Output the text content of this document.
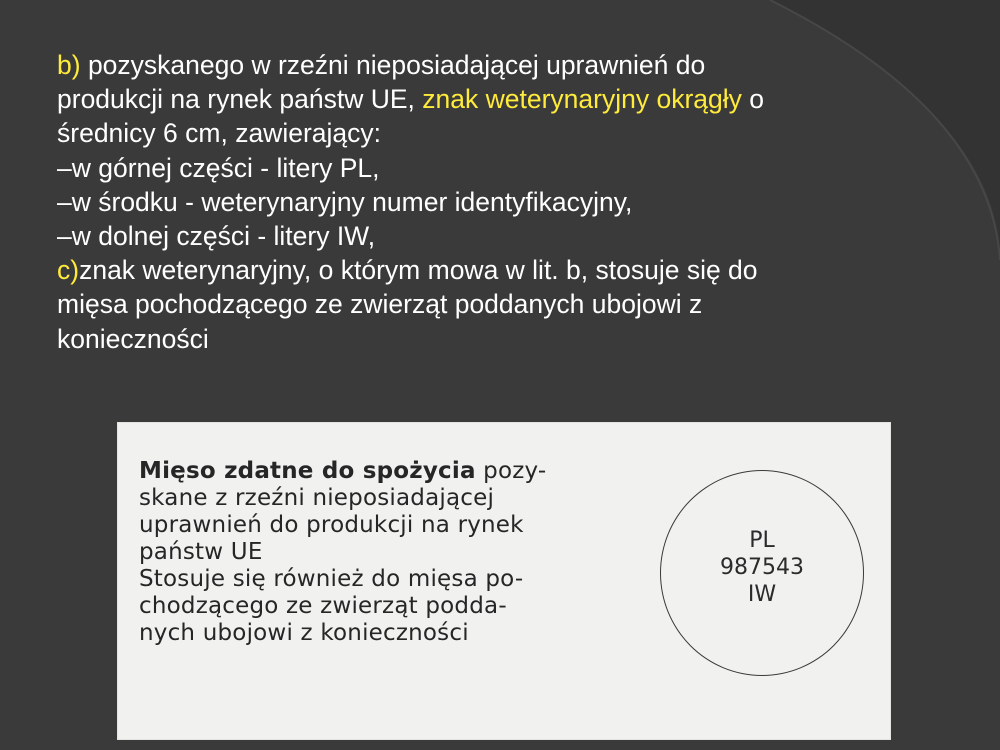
b) pozyskanego w rzeźni nieposiadającej uprawnień do
produkcji na rynek państw UE, znak weterynaryjny okrągły o
średnicy 6 cm, zawierający:
–w górnej części - litery PL,
–w środku - weterynaryjny numer identyfikacyjny,
–w dolnej części - litery IW,
c)znak weterynaryjny, o którym mowa w lit. b, stosuje się do
mięsa pochodzącego ze zwierząt poddanych ubojowi z
konieczności
Mięso zdatne do spożycia pozy-
skane z rzeźni nieposiadającej
uprawnień do produkcji na rynek
państw UE
Stosuje się również do mięsa po-
chodzącego ze zwierząt podda-
nych ubojowi z konieczności
PL
987543
IW
